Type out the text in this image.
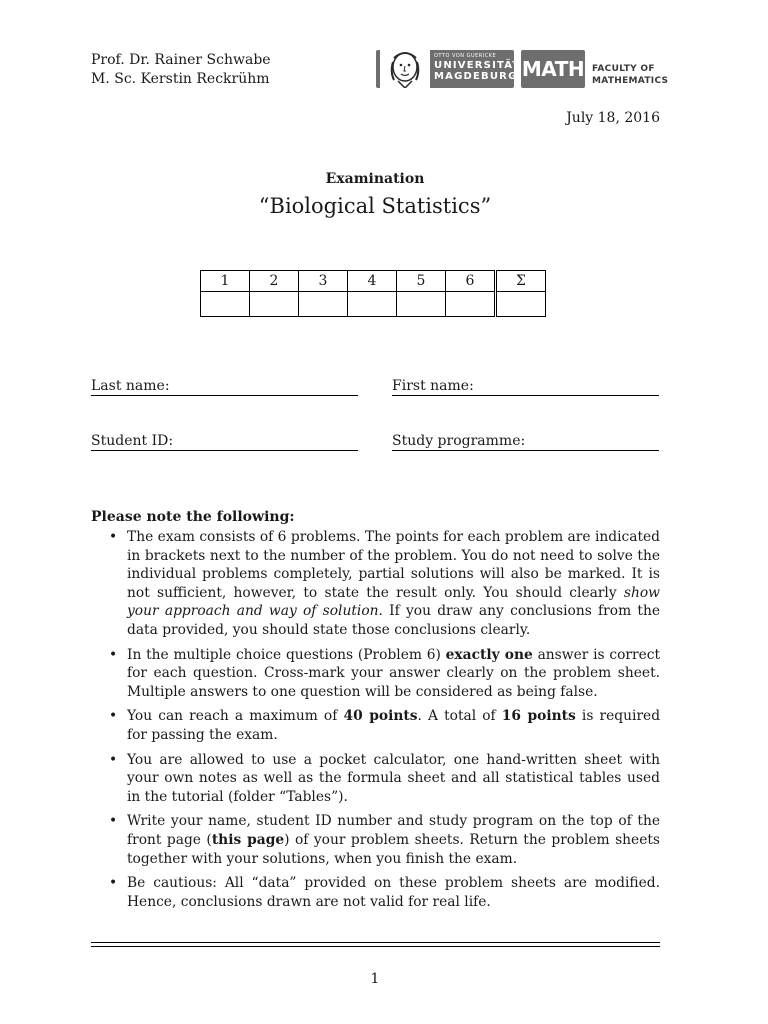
Prof. Dr. Rainer Schwabe
M. Sc. Kerstin Reckrühm
OTTO VON GUERICKE
UNIVERSITÄT
MAGDEBURG MATH FACULTY OF
MATHEMATICS
July 18, 2016
Examination
“Biological Statistics”
1	2	3	4	5	6	Σ

Last name:	First name:
Student ID:	Study programme:
Please note the following:
• The exam consists of 6 problems. The points for each problem are indicated in brackets next to the number of the problem. You do not need to solve the individual problems completely, partial solutions will also be marked. It is not sufficient, however, to state the result only. You should clearly show your approach and way of solution. If you draw any conclusions from the data provided, you should state those conclusions clearly.
• In the multiple choice questions (Problem 6) exactly one answer is correct for each question. Cross-mark your answer clearly on the problem sheet. Multiple answers to one question will be considered as being false.
• You can reach a maximum of 40 points. A total of 16 points is required for passing the exam.
• You are allowed to use a pocket calculator, one hand-written sheet with your own notes as well as the formula sheet and all statistical tables used in the tutorial (folder “Tables”).
• Write your name, student ID number and study program on the top of the front page (this page) of your problem sheets. Return the problem sheets together with your solutions, when you finish the exam.
• Be cautious: All “data” provided on these problem sheets are modified. Hence, conclusions drawn are not valid for real life.
1
